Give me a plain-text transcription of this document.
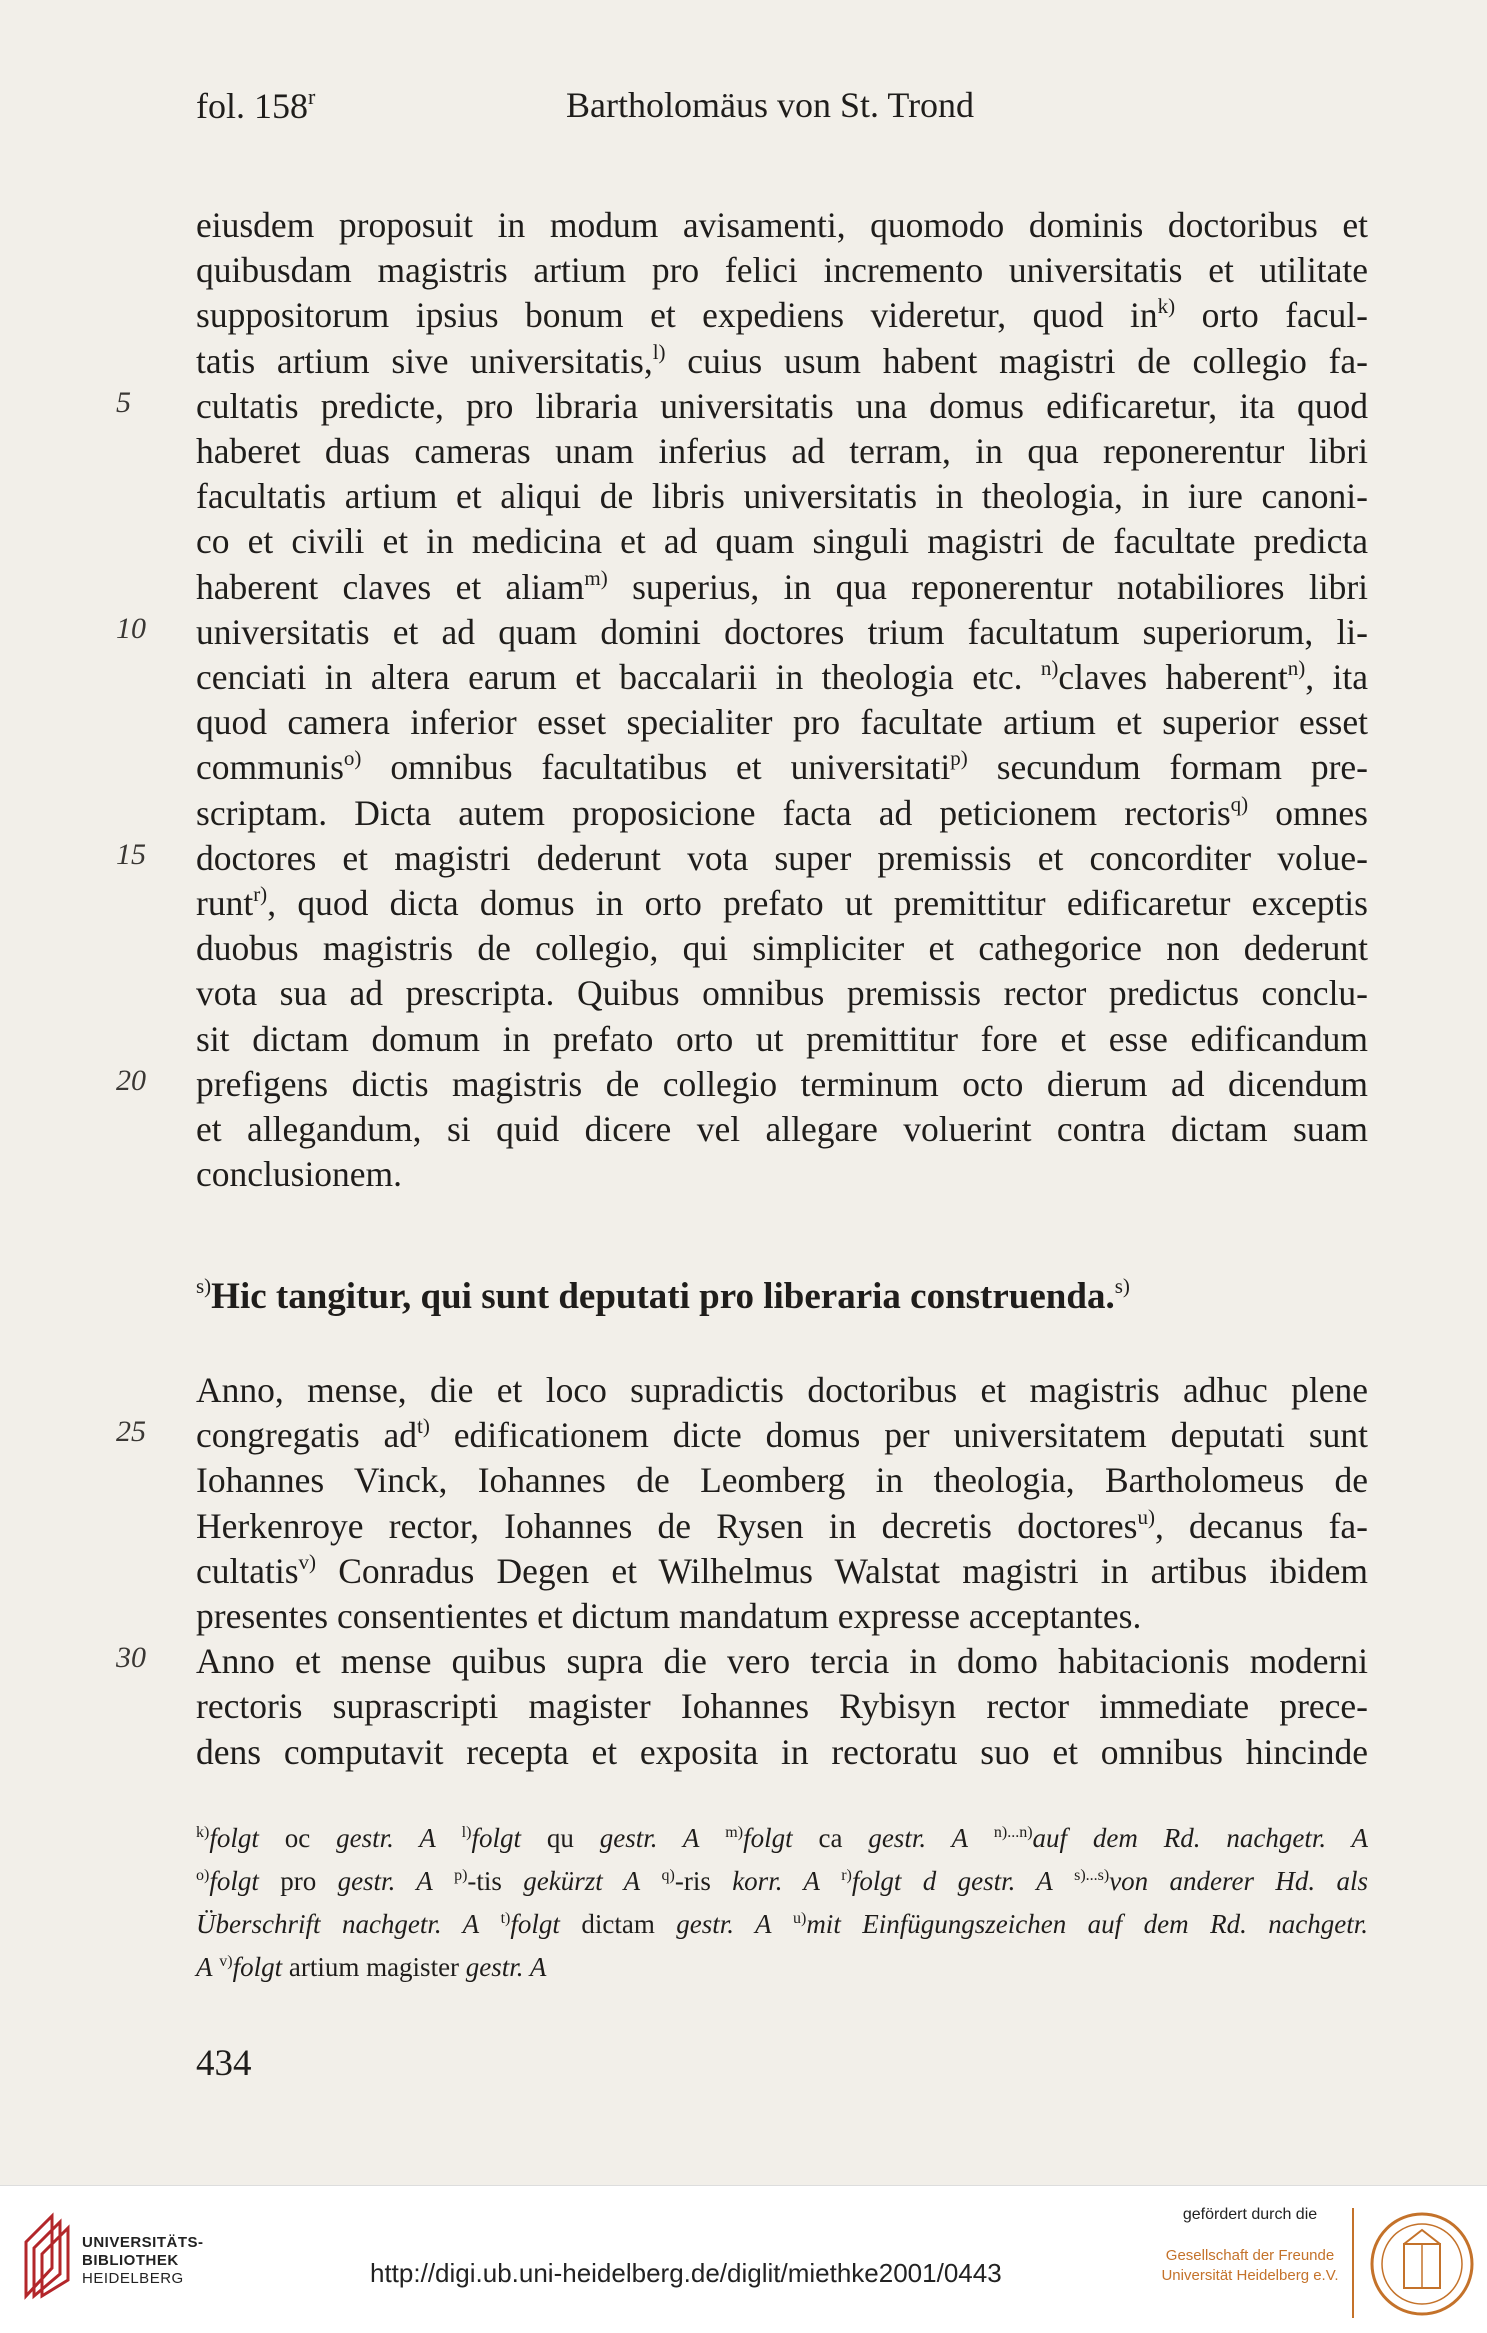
fol. 158$^r$	Bartholomäus von St. Trond
eiusdem proposuit in modum avisamenti, quomodo dominis doctoribus et
quibusdam magistris artium pro felici incremento universitatis et utilitate
suppositorum ipsius bonum et expediens videretur, quod $in^{k)}$ orto facul-
tatis artium sive universitatis,$^{l)}$ cuius usum habent magistri de collegio fa-
cultatis predicte, pro libraria universitatis una domus edificaretur, ita quod
5
haberet duas cameras unam inferius ad terram, in qua reponerentur libri
facultatis artium et aliqui de libris universitatis in theologia, in iure canoni-
co et civili et in medicina et ad quam singuli magistri de facultate predicta
haberent claves et aliam$^{m)}$ superius, in qua reponerentur notabiliores libri
universitatis et ad quam domini doctores trium facultatum superiorum, li-
10
cenciati in altera earum et baccalarii in theologia etc. $^{n)}$claves haberent$^{n)}$, ita
quod camera inferior esset specialiter pro facultate artium et superior esset
communis$^{o)}$ omnibus facultatibus et universitati$^{p)}$ secundum formam pre-
scriptam. Dicta autem proposicione facta ad peticionem rectoris$^{q)}$ omnes
doctores et magistri dederunt vota super premissis et concorditer volue-
15
runt$^{r)}$, quod dicta domus in orto prefato ut premittitur edificaretur exceptis
duobus magistris de collegio, qui simpliciter et cathegorice non dederunt
vota sua ad prescripta. Quibus omnibus premissis rector predictus conclu-
sit dictam domum in prefato orto ut premittitur fore et esse edificandum
prefigens dictis magistris de collegio terminum octo dierum ad dicendum
20
et allegandum, si quid dicere vel allegare voluerint contra dictam suam
conclusionem.
$^{s)}$Hic tangitur, qui sunt deputati pro liberaria construenda.$^{s)}$
Anno, mense, die et loco supradictis doctoribus et magistris adhuc plene
congregatis $ad^{t)}$ edificationem dicte domus per universitatem deputati sunt
25
Iohannes Vinck, Iohannes de Leomberg in theologia, Bartholomeus de
Herkenroye rector, Iohannes de Rysen in decretis doctores$^{u)}$, decanus fa-
cultatis$^{v)}$ Conradus Degen et Wilhelmus Walstat magistri in artibus ibidem
presentes consentientes et dictum mandatum expresse acceptantes.
Anno et mense quibus supra die vero tercia in domo habitacionis moderni
30
rectoris suprascripti magister Iohannes Rybisyn rector immediate prece-
dens computavit recepta et exposita in rectoratu suo et omnibus hincinde
$^{k)}$folgt oc gestr. A $^{l)}$folgt qu gestr. A $^{m)}$folgt ca gestr. A $^{n)...n)}$auf dem Rd. nachgetr. A
$^{o)}$folgt pro gestr. A $^{p)}$-tis gekürzt A $^{q)}$-ris korr. A $^{r)}$folgt d gestr. A $^{s)...s)}$von anderer Hd. als
Überschrift nachgetr. A $^{t)}$folgt dictam gestr. A $^{u)}$mit Einfügungszeichen auf dem Rd. nachgetr.
A $^{v)}$folgt artium magister gestr. A
434
UNIVERSITÄTS-
BIBLIOTHEK
HEIDELBERG	http://digi.ub.uni-heidelberg.de/diglit/miethke2001/0443
gefördert durch die
Gesellschaft der Freunde
Universität Heidelberg e.V.
